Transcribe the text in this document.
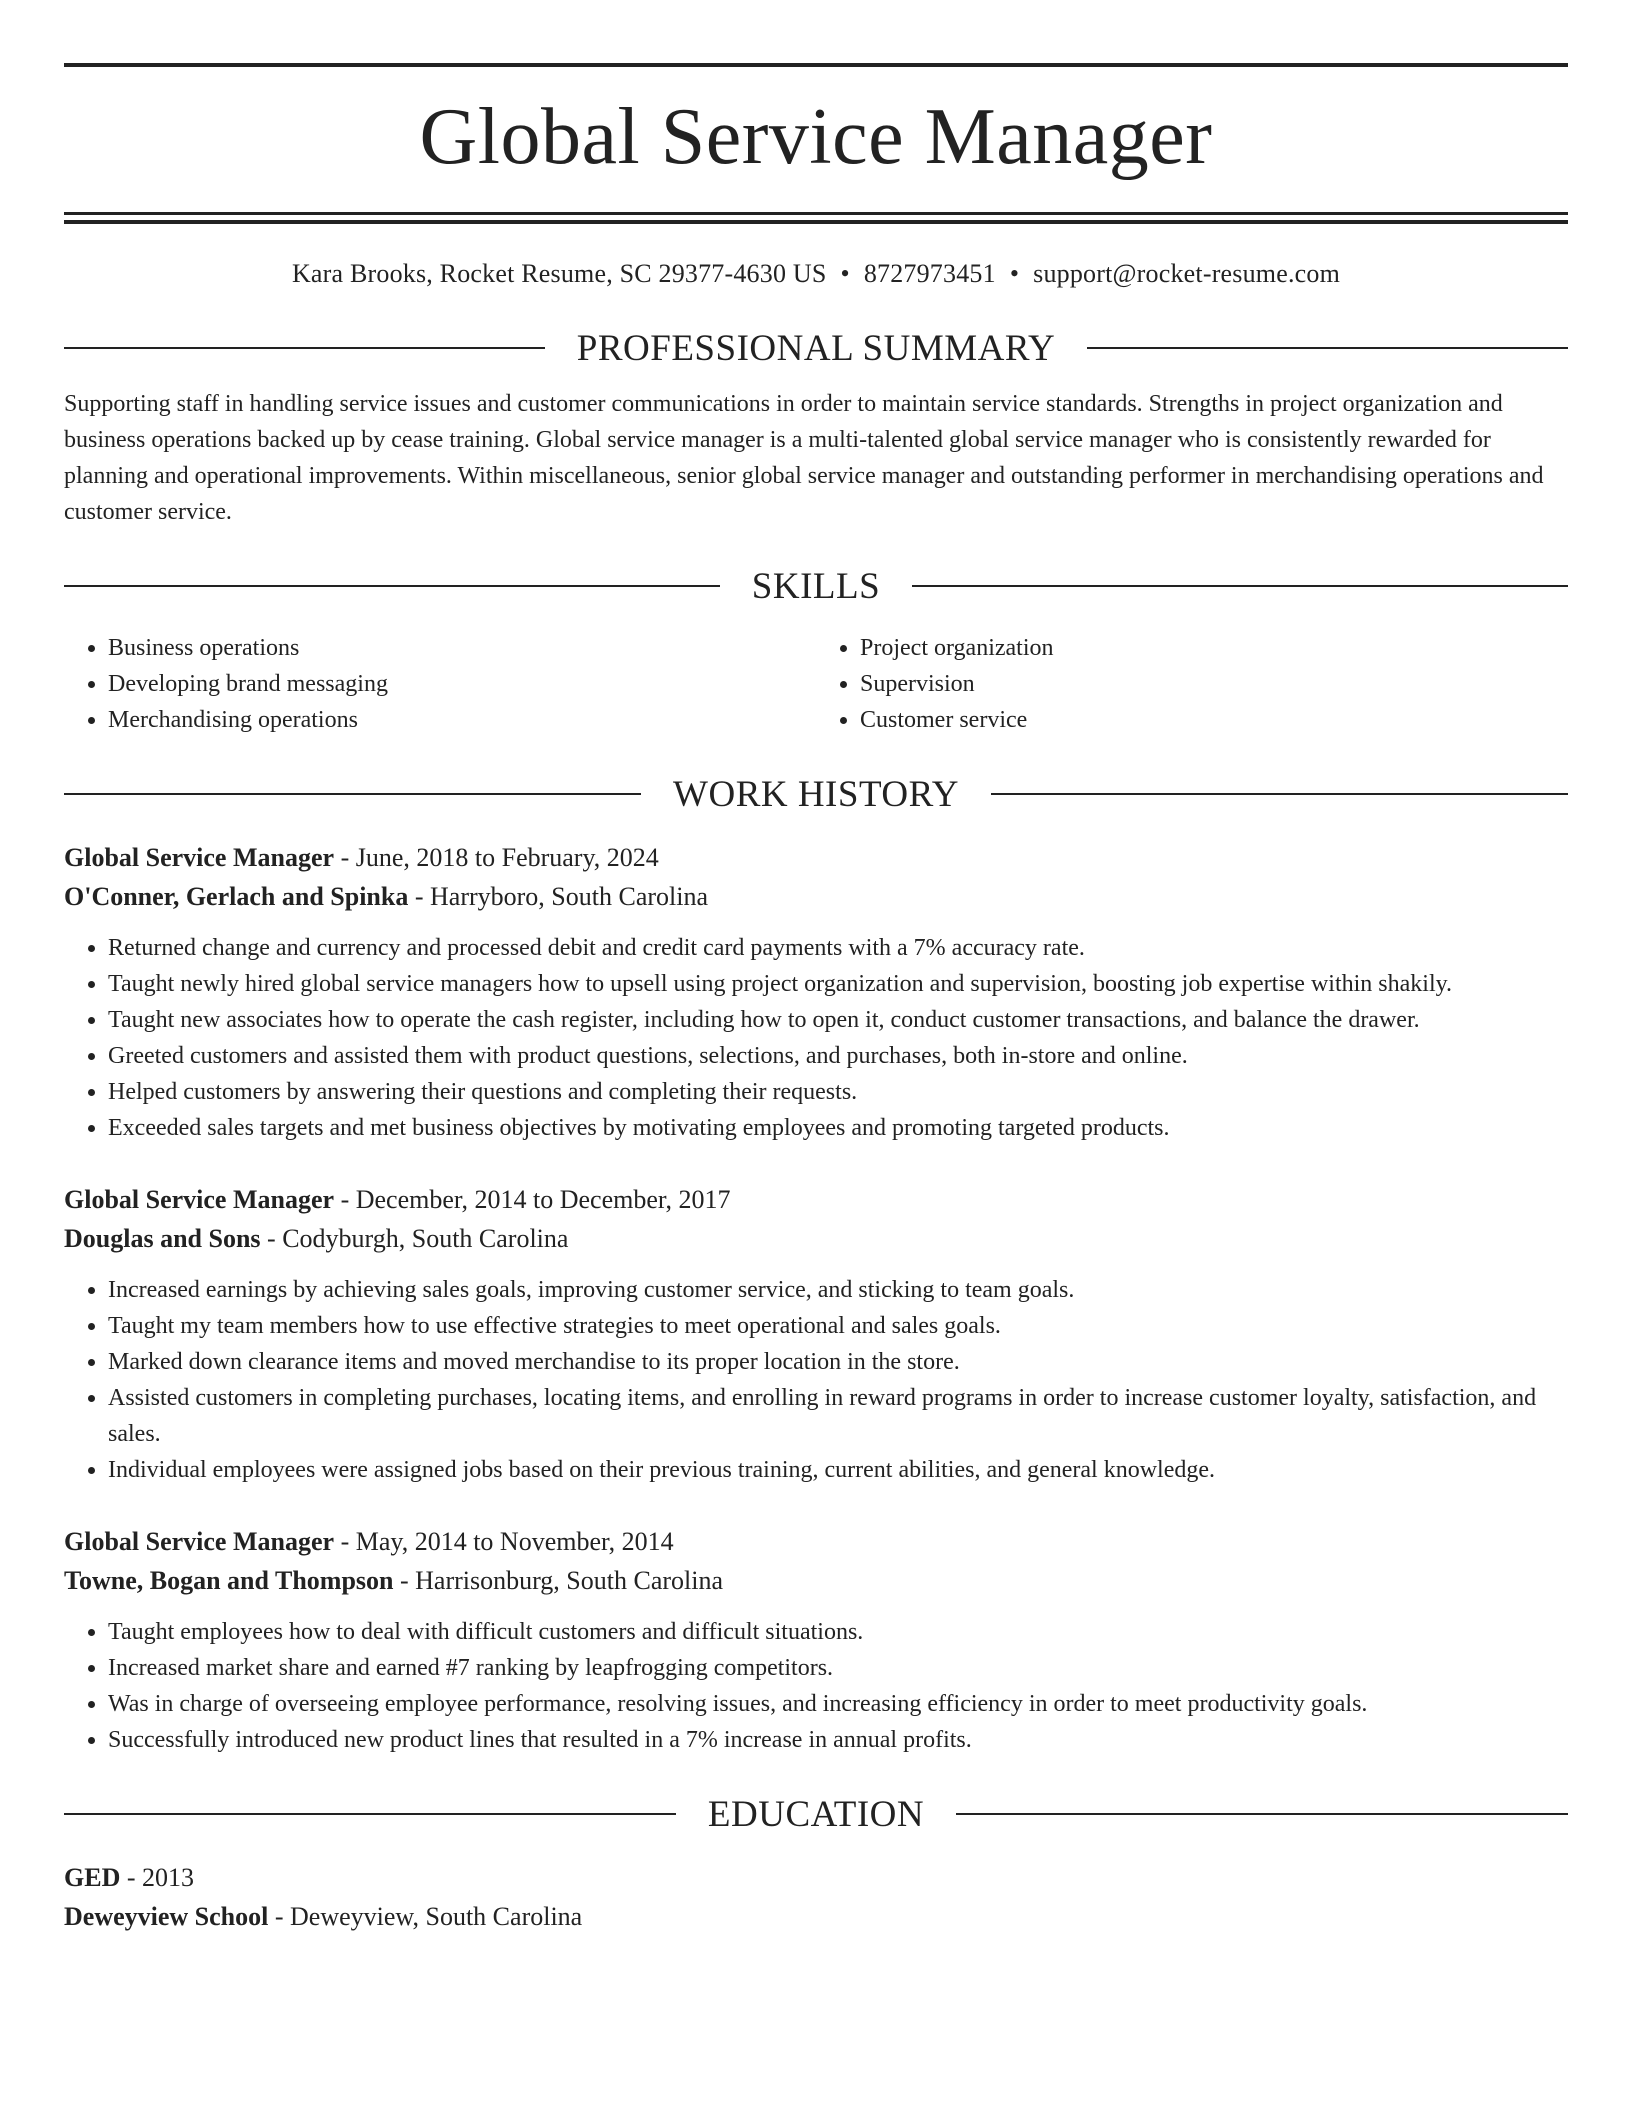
Global Service Manager
Kara Brooks, Rocket Resume, SC 29377-4630 US • 8727973451 • support@rocket-resume.com
PROFESSIONAL SUMMARY
Supporting staff in handling service issues and customer communications in order to maintain service standards. Strengths in project organization and business operations backed up by cease training. Global service manager is a multi-talented global service manager who is consistently rewarded for planning and operational improvements. Within miscellaneous, senior global service manager and outstanding performer in merchandising operations and customer service.
SKILLS
• Business operations
• Developing brand messaging
• Merchandising operations
• Project organization
• Supervision
• Customer service
WORK HISTORY
Global Service Manager - June, 2018 to February, 2024
O'Conner, Gerlach and Spinka - Harryboro, South Carolina
• Returned change and currency and processed debit and credit card payments with a 7% accuracy rate.
• Taught newly hired global service managers how to upsell using project organization and supervision, boosting job expertise within shakily.
• Taught new associates how to operate the cash register, including how to open it, conduct customer transactions, and balance the drawer.
• Greeted customers and assisted them with product questions, selections, and purchases, both in-store and online.
• Helped customers by answering their questions and completing their requests.
• Exceeded sales targets and met business objectives by motivating employees and promoting targeted products.
Global Service Manager - December, 2014 to December, 2017
Douglas and Sons - Codyburgh, South Carolina
• Increased earnings by achieving sales goals, improving customer service, and sticking to team goals.
• Taught my team members how to use effective strategies to meet operational and sales goals.
• Marked down clearance items and moved merchandise to its proper location in the store.
• Assisted customers in completing purchases, locating items, and enrolling in reward programs in order to increase customer loyalty, satisfaction, and sales.
• Individual employees were assigned jobs based on their previous training, current abilities, and general knowledge.
Global Service Manager - May, 2014 to November, 2014
Towne, Bogan and Thompson - Harrisonburg, South Carolina
• Taught employees how to deal with difficult customers and difficult situations.
• Increased market share and earned #7 ranking by leapfrogging competitors.
• Was in charge of overseeing employee performance, resolving issues, and increasing efficiency in order to meet productivity goals.
• Successfully introduced new product lines that resulted in a 7% increase in annual profits.
EDUCATION
GED - 2013
Deweyview School - Deweyview, South Carolina
